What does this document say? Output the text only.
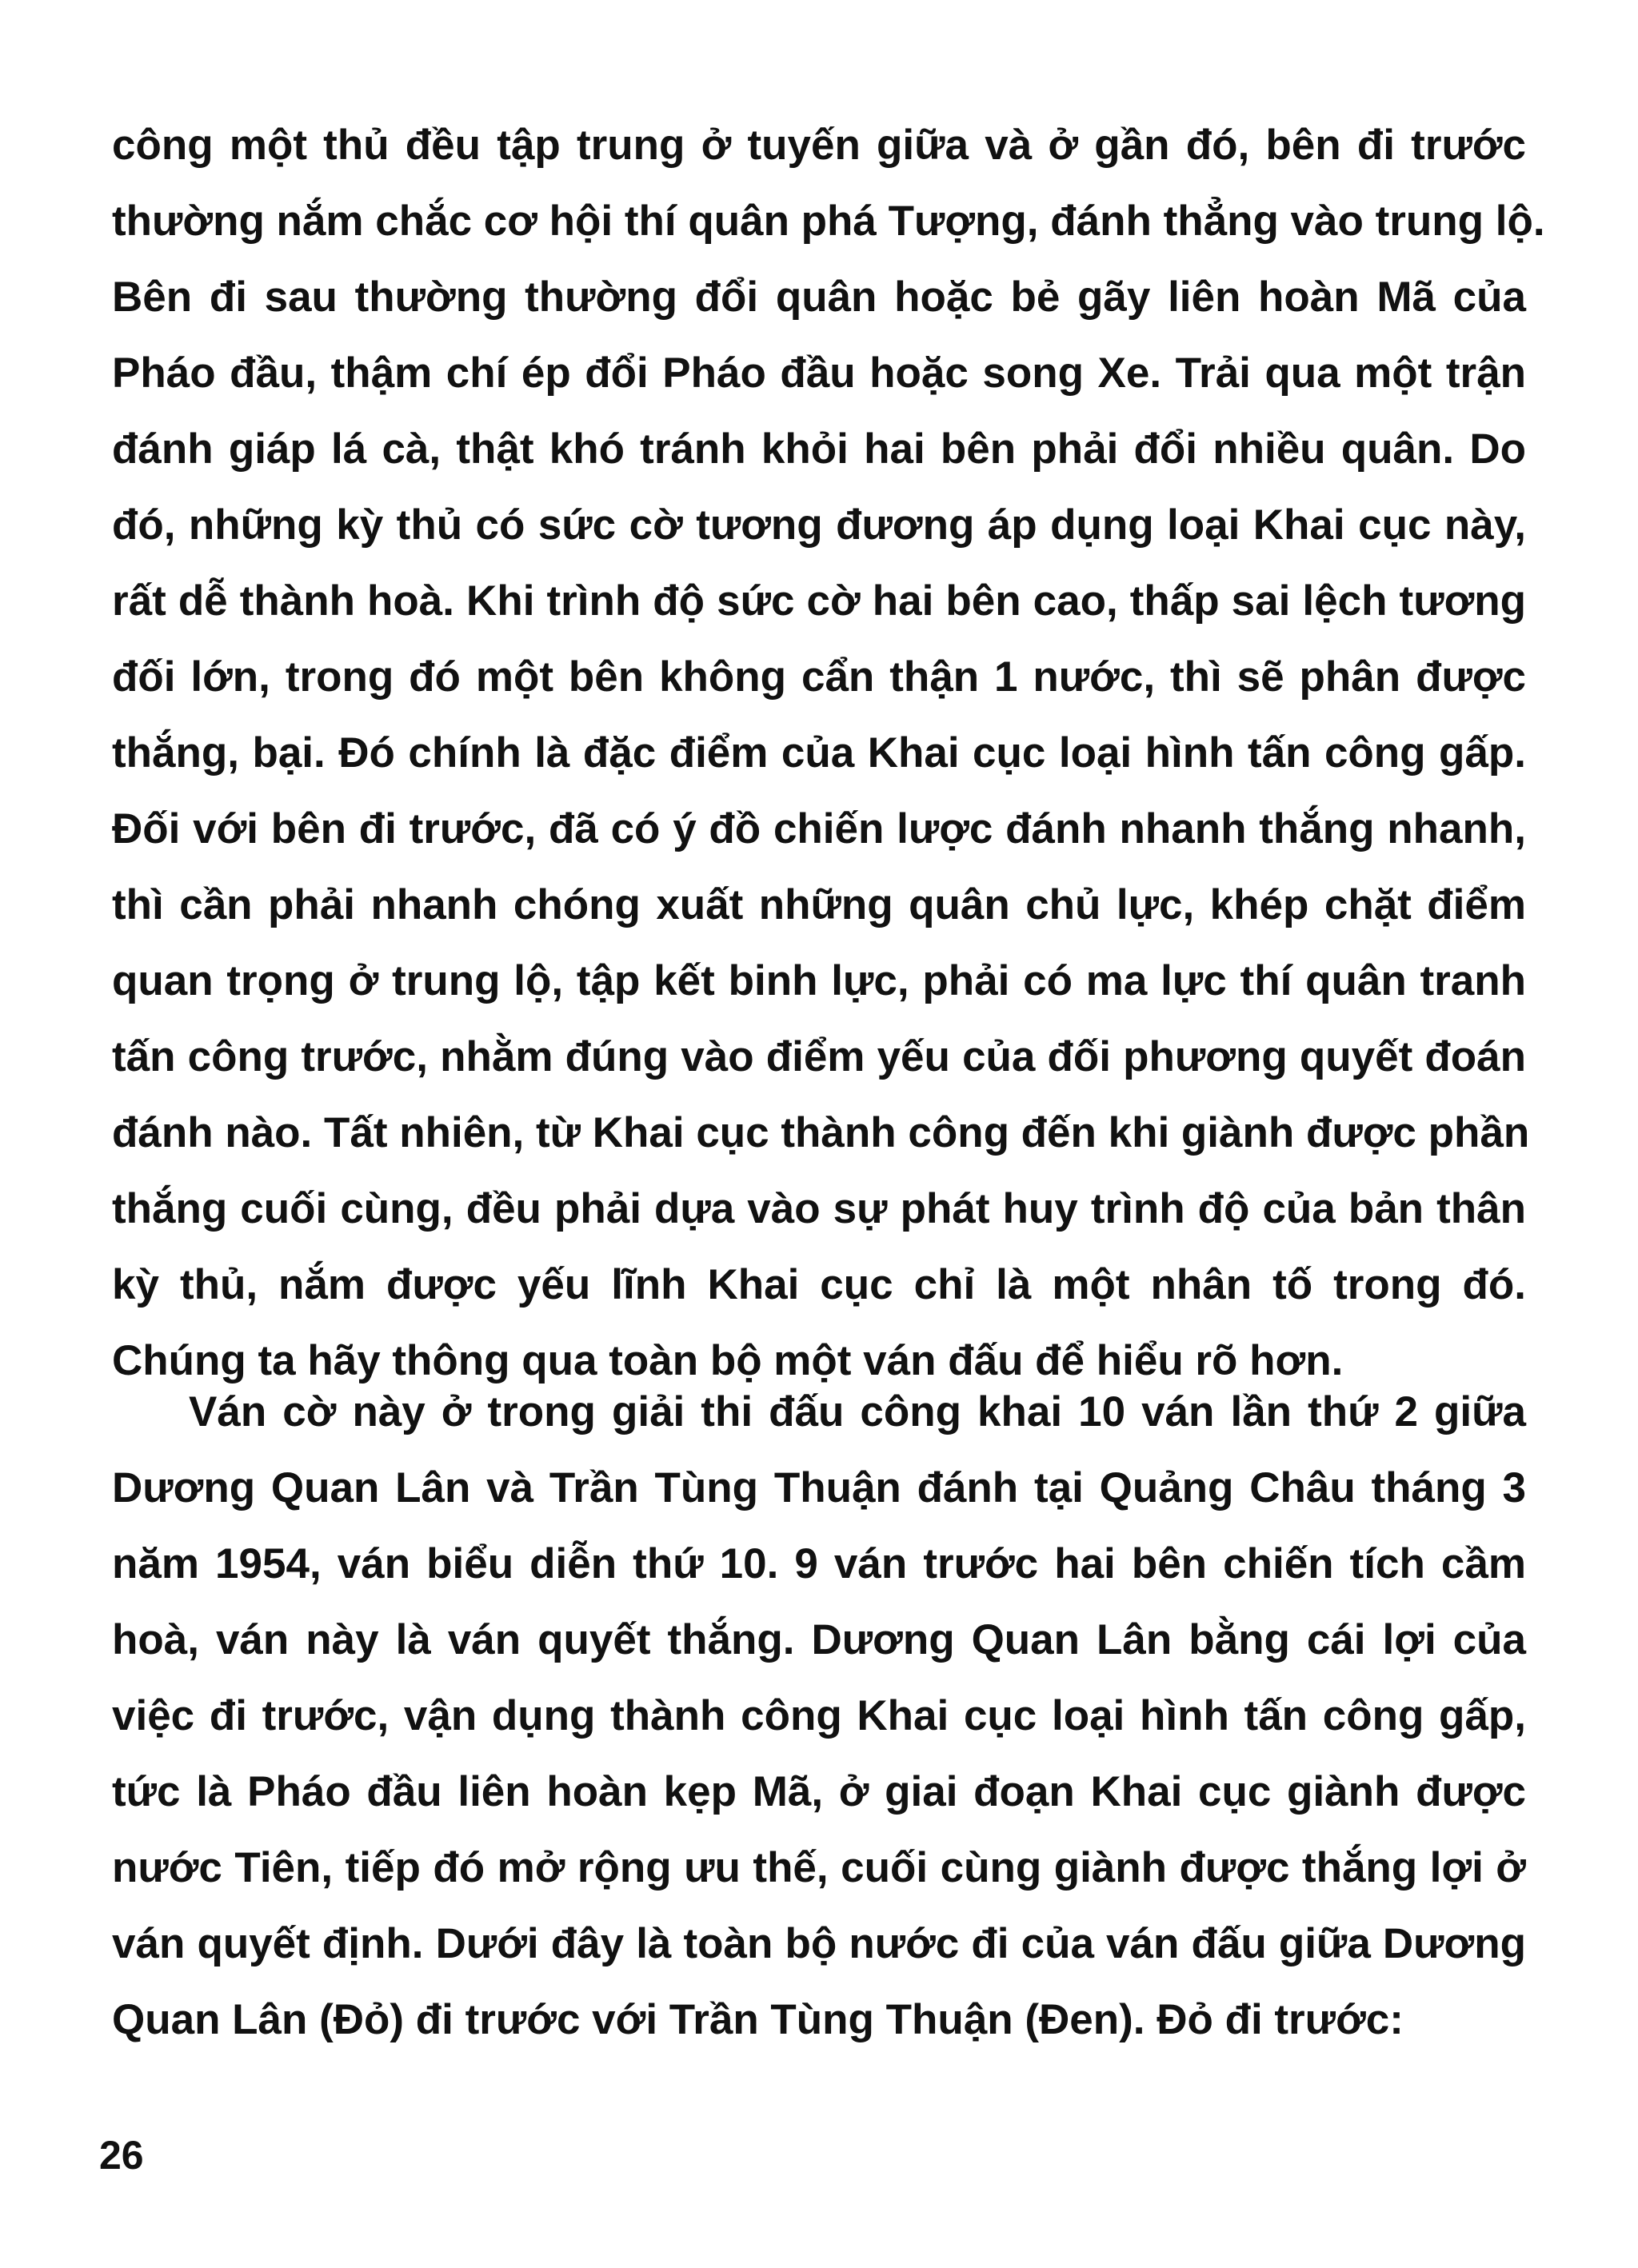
công một thủ đều tập trung ở tuyến giữa và ở gần đó, bên đi trước
thường nắm chắc cơ hội thí quân phá Tượng, đánh thẳng vào trung lộ.
Bên đi sau thường thường đổi quân hoặc bẻ gãy liên hoàn Mã của
Pháo đầu, thậm chí ép đổi Pháo đầu hoặc song Xe. Trải qua một trận
đánh giáp lá cà, thật khó tránh khỏi hai bên phải đổi nhiều quân. Do
đó, những kỳ thủ có sức cờ tương đương áp dụng loại Khai cục này,
rất dễ thành hoà. Khi trình độ sức cờ hai bên cao, thấp sai lệch tương
đối lớn, trong đó một bên không cẩn thận 1 nước, thì sẽ phân được
thắng, bại. Đó chính là đặc điểm của Khai cục loại hình tấn công gấp.
Đối với bên đi trước, đã có ý đồ chiến lược đánh nhanh thắng nhanh,
thì cần phải nhanh chóng xuất những quân chủ lực, khép chặt điểm
quan trọng ở trung lộ, tập kết binh lực, phải có ma lực thí quân tranh
tấn công trước, nhằm đúng vào điểm yếu của đối phương quyết đoán
đánh nào. Tất nhiên, từ Khai cục thành công đến khi giành được phần
thắng cuối cùng, đều phải dựa vào sự phát huy trình độ của bản thân
kỳ thủ, nắm được yếu lĩnh Khai cục chỉ là một nhân tố trong đó.
Chúng ta hãy thông qua toàn bộ một ván đấu để hiểu rõ hơn.
Ván cờ này ở trong giải thi đấu công khai 10 ván lần thứ 2 giữa
Dương Quan Lân và Trần Tùng Thuận đánh tại Quảng Châu tháng 3
năm 1954, ván biểu diễn thứ 10. 9 ván trước hai bên chiến tích cầm
hoà, ván này là ván quyết thắng. Dương Quan Lân bằng cái lợi của
việc đi trước, vận dụng thành công Khai cục loại hình tấn công gấp,
tức là Pháo đầu liên hoàn kẹp Mã, ở giai đoạn Khai cục giành được
nước Tiên, tiếp đó mở rộng ưu thế, cuối cùng giành được thắng lợi ở
ván quyết định. Dưới đây là toàn bộ nước đi của ván đấu giữa Dương
Quan Lân (Đỏ) đi trước với Trần Tùng Thuận (Đen). Đỏ đi trước:
26
